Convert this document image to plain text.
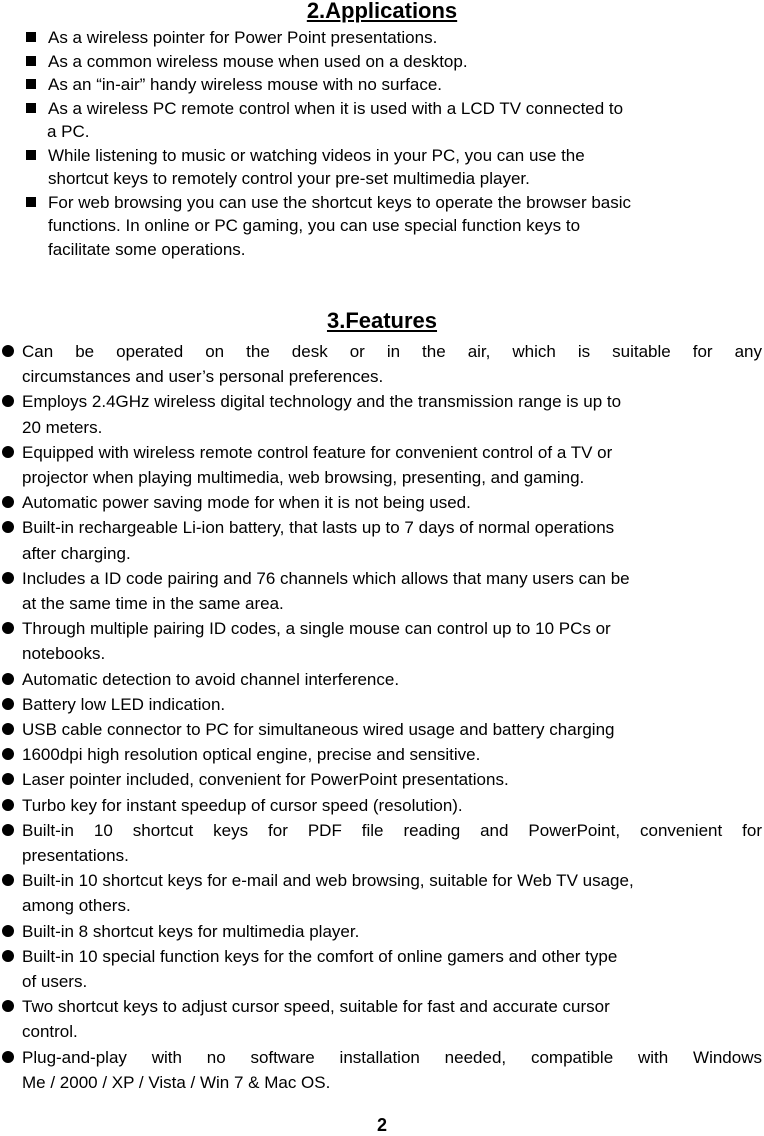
2.Applications
As a wireless pointer for Power Point presentations.
As a common wireless mouse when used on a desktop.
As an “in-air” handy wireless mouse with no surface.
As a wireless PC remote control when it is used with a LCD TV connected to
a PC.
While listening to music or watching videos in your PC, you can use the
shortcut keys to remotely control your pre-set multimedia player.
For web browsing you can use the shortcut keys to operate the browser basic
functions. In online or PC gaming, you can use special function keys to
facilitate some operations.
3.Features
Can be operated on the desk or in the air, which is suitable for any
circumstances and user’s personal preferences.
Employs 2.4GHz wireless digital technology and the transmission range is up to
20 meters.
Equipped with wireless remote control feature for convenient control of a TV or
projector when playing multimedia, web browsing, presenting, and gaming.
Automatic power saving mode for when it is not being used.
Built-in rechargeable Li-ion battery, that lasts up to 7 days of normal operations
after charging.
Includes a ID code pairing and 76 channels which allows that many users can be
at the same time in the same area.
Through multiple pairing ID codes, a single mouse can control up to 10 PCs or
notebooks.
Automatic detection to avoid channel interference.
Battery low LED indication.
USB cable connector to PC for simultaneous wired usage and battery charging
1600dpi high resolution optical engine, precise and sensitive.
Laser pointer included, convenient for PowerPoint presentations.
Turbo key for instant speedup of cursor speed (resolution).
Built-in 10 shortcut keys for PDF file reading and PowerPoint, convenient for
presentations.
Built-in 10 shortcut keys for e-mail and web browsing, suitable for Web TV usage,
among others.
Built-in 8 shortcut keys for multimedia player.
Built-in 10 special function keys for the comfort of online gamers and other type
of users.
Two shortcut keys to adjust cursor speed, suitable for fast and accurate cursor
control.
Plug-and-play with no software installation needed, compatible with Windows
Me / 2000 / XP / Vista / Win 7 & Mac OS.
2
